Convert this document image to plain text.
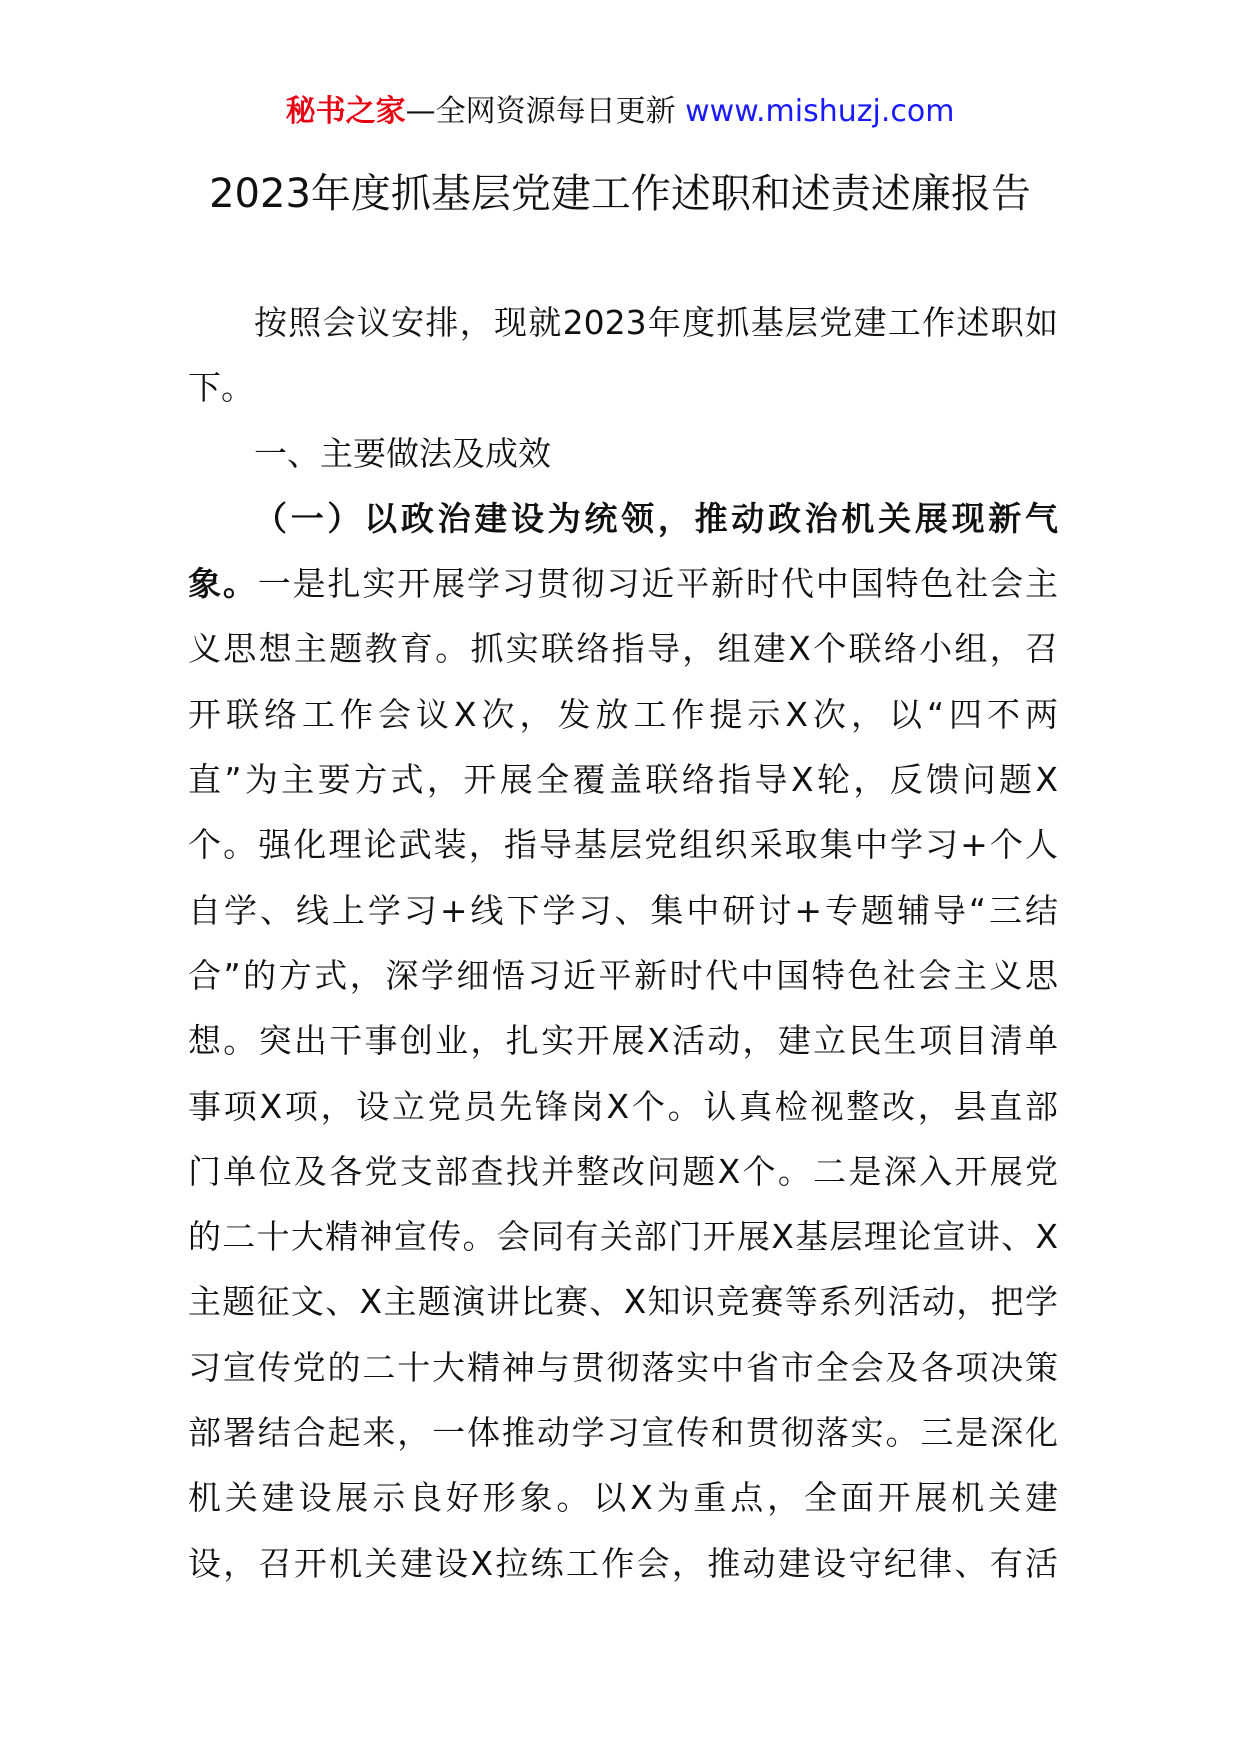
秘书之家—全网资源每日更新 www.mishuzj.com
2023年度抓基层党建工作述职和述责述廉报告
按照会议安排，现就2023年度抓基层党建工作述职如
下。
一、主要做法及成效
（一）以政治建设为统领，推动政治机关展现新气
象。一是扎实开展学习贯彻习近平新时代中国特色社会主
义思想主题教育。抓实联络指导，组建X个联络小组，召
开联络工作会议X次，发放工作提示X次，以“四不两
直”为主要方式，开展全覆盖联络指导X轮，反馈问题X
个。强化理论武装，指导基层党组织采取集中学习+个人
自学、线上学习+线下学习、集中研讨+专题辅导“三结
合”的方式，深学细悟习近平新时代中国特色社会主义思
想。突出干事创业，扎实开展X活动，建立民生项目清单
事项X项，设立党员先锋岗X个。认真检视整改，县直部
门单位及各党支部查找并整改问题X个。二是深入开展党
的二十大精神宣传。会同有关部门开展X基层理论宣讲、X
主题征文、X主题演讲比赛、X知识竞赛等系列活动，把学
习宣传党的二十大精神与贯彻落实中省市全会及各项决策
部署结合起来，一体推动学习宣传和贯彻落实。三是深化
机关建设展示良好形象。以X为重点，全面开展机关建
设，召开机关建设X拉练工作会，推动建设守纪律、有活
